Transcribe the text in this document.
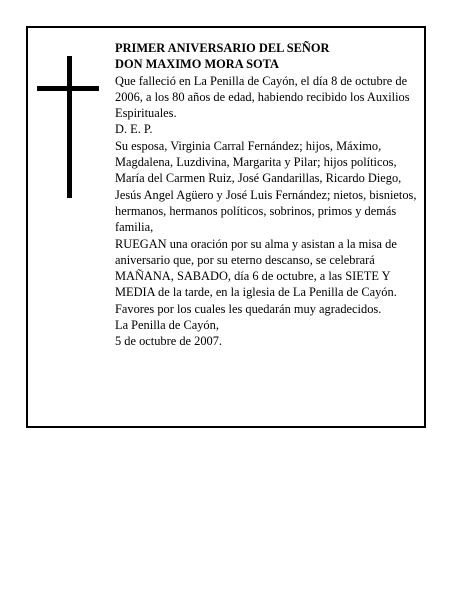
PRIMER ANIVERSARIO DEL SEÑOR

DON MAXIMO MORA SOTA

Que falleció en La Penilla de Cayón, el día 8 de octubre de 2006, a los 80 años de edad, habiendo recibido los Auxilios Espirituales.

D. E. P.

Su esposa, Virginia Carral Fernández; hijos, Máximo, Magdalena, Luzdivina, Margarita y Pilar; hijos políticos, María del Carmen Ruiz, José Gandarillas, Ricardo Diego, Jesús Angel Agüero y José Luis Fernández; nietos, bisnietos, hermanos, hermanos políticos, sobrinos, primos y demás familia,

RUEGAN una oración por su alma y asistan a la misa de aniversario que, por su eterno descanso, se celebrará MAÑANA, SABADO, día 6 de octubre, a las SIETE Y MEDIA de la tarde, en la iglesia de La Penilla de Cayón. Favores por los cuales les quedarán muy agradecidos.

La Penilla de Cayón,

5 de octubre de 2007.
